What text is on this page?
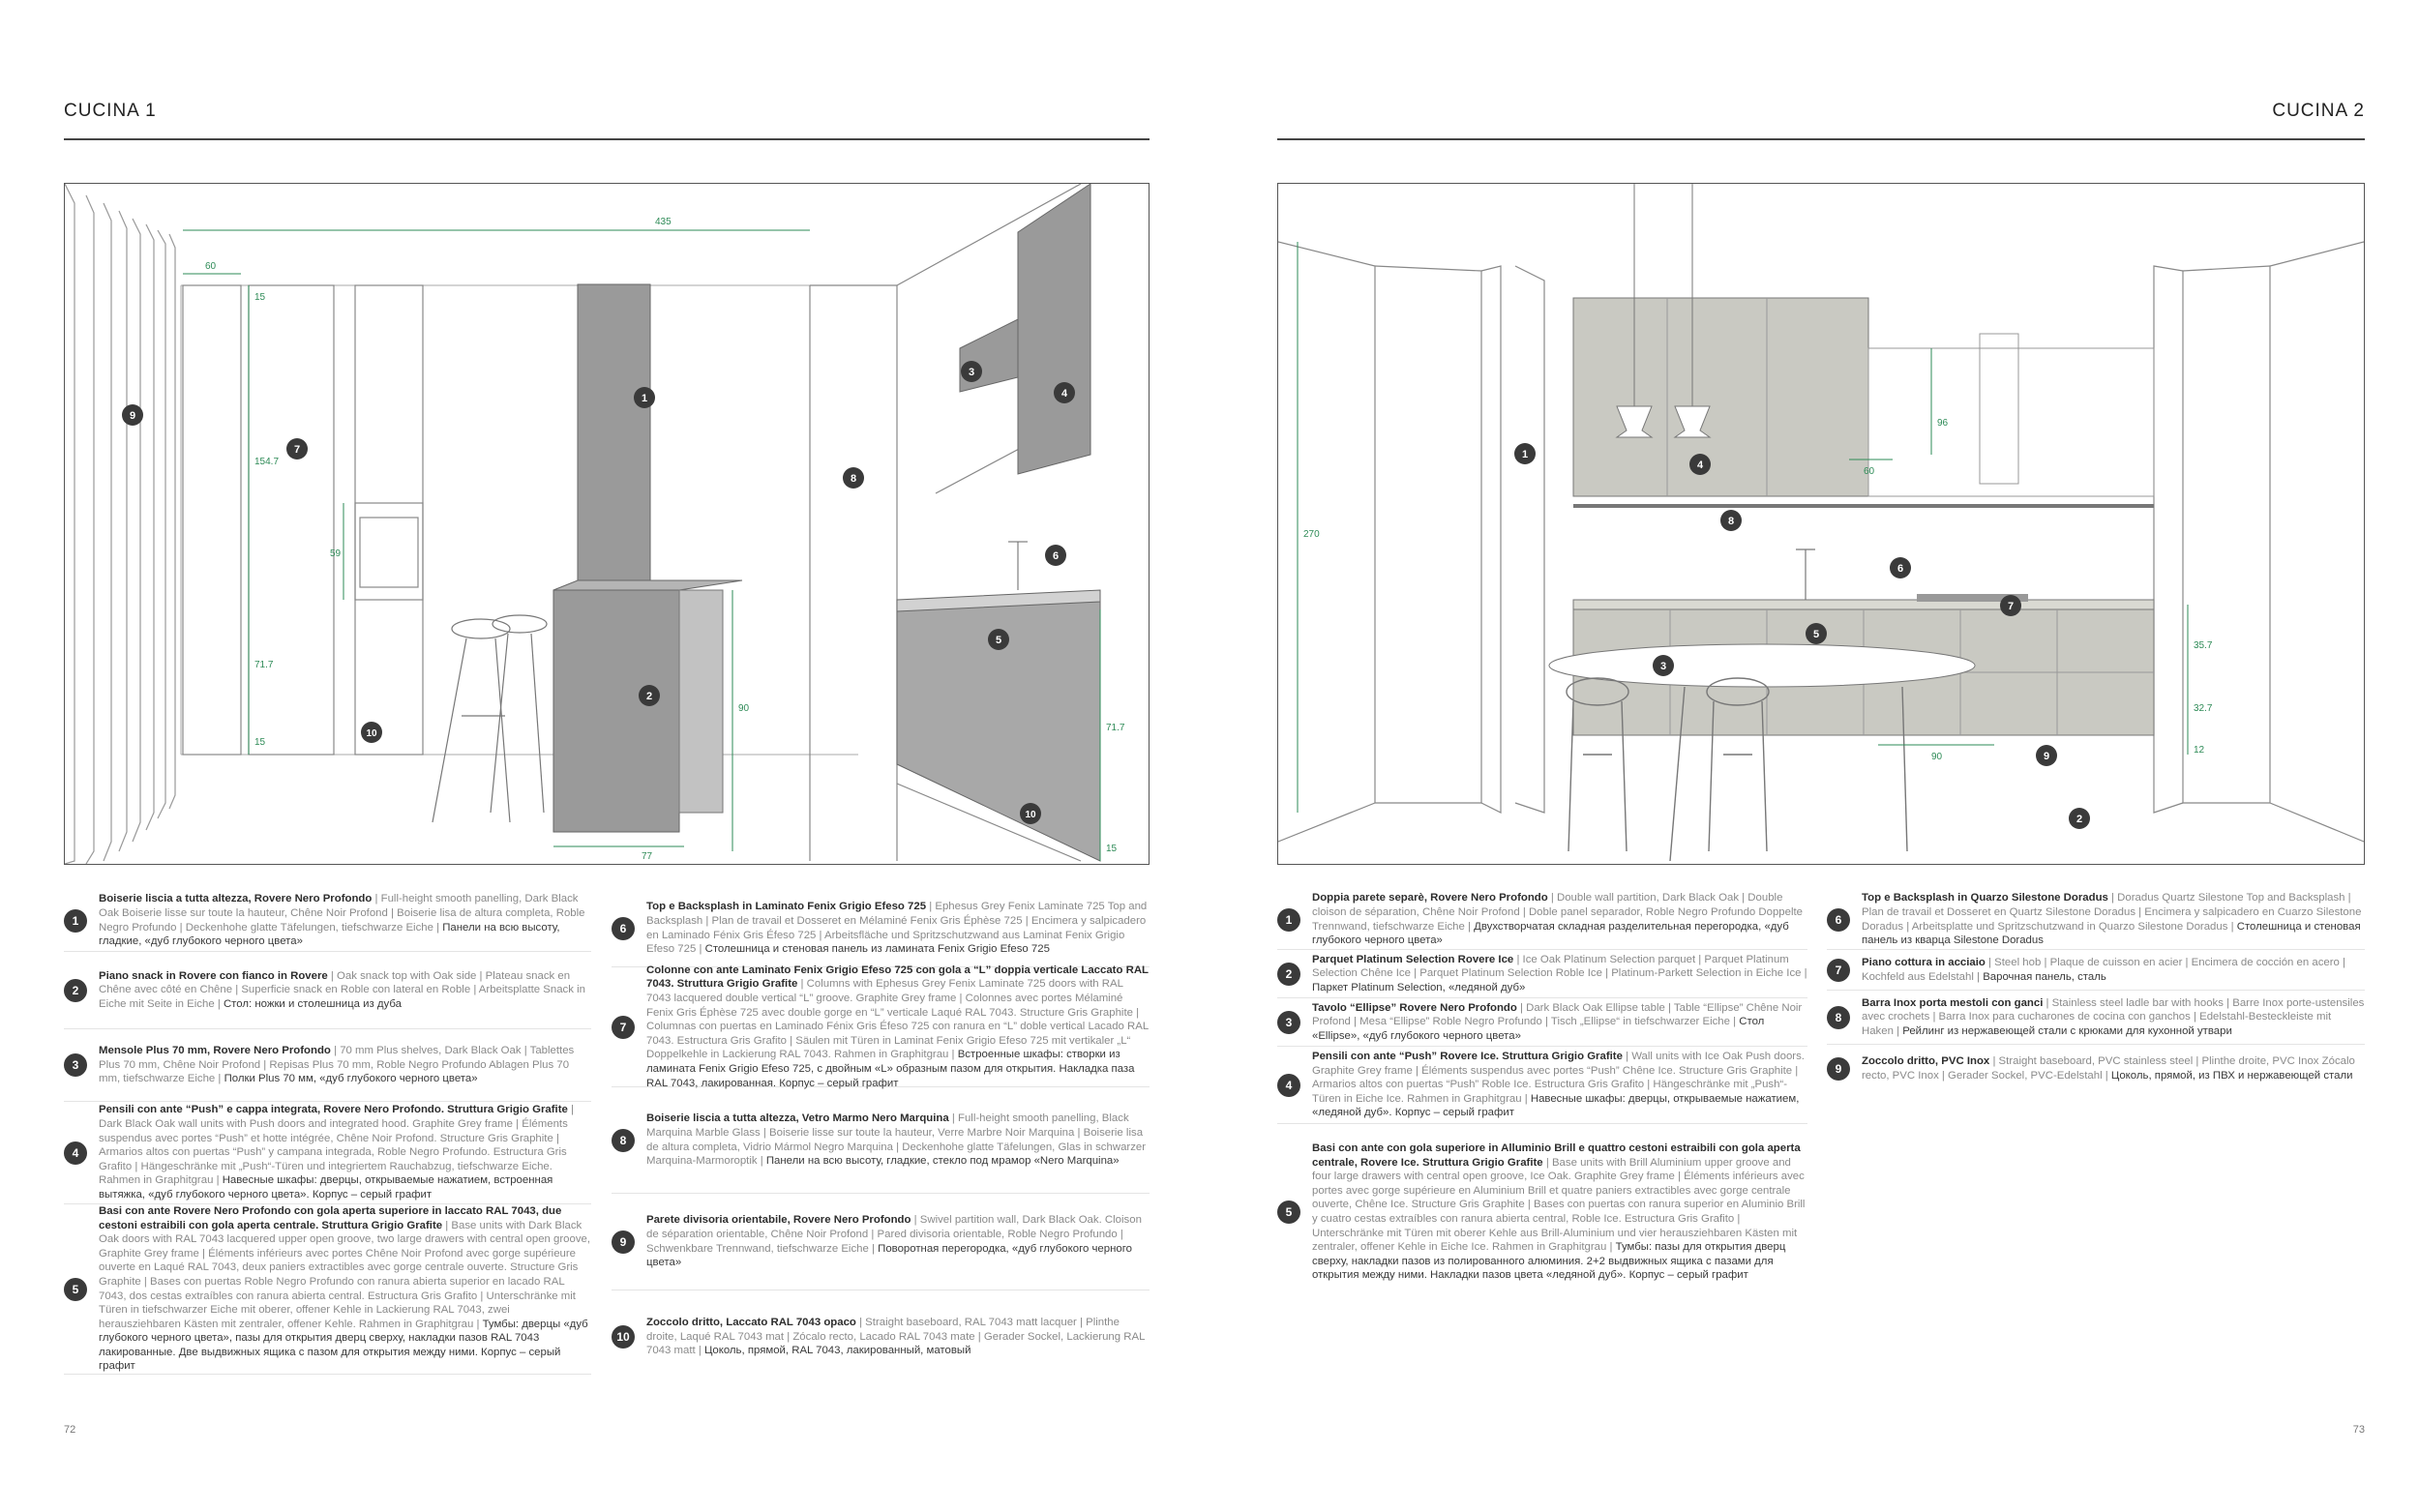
CUCINA 1
435
60
15
154.7
59
71.7
15
90
77
71.7
15
1
2
3
4
5
6
7
8
9
10
10
1
Boiserie liscia a tutta altezza, Rovere Nero Profondo | Full-height smooth panelling, Dark Black Oak Boiserie lisse sur toute la hauteur, Chêne Noir Profond | Boiserie lisa de altura completa, Roble Negro Profundo | Deckenhohe glatte Täfelungen, tiefschwarze Eiche | Панели на всю высоту, гладкие, «дуб глубокого черного цвета»
2
Piano snack in Rovere con fianco in Rovere | Oak snack top with Oak side | Plateau snack en Chêne avec côté en Chêne | Superficie snack en Roble con lateral en Roble | Arbeitsplatte Snack in Eiche mit Seite in Eiche | Стол: ножки и столешница из дуба
3
Mensole Plus 70 mm, Rovere Nero Profondo | 70 mm Plus shelves, Dark Black Oak | Tablettes Plus 70 mm, Chêne Noir Profond | Repisas Plus 70 mm, Roble Negro Profundo Ablagen Plus 70 mm, tiefschwarze Eiche | Полки Plus 70 мм, «дуб глубокого черного цвета»
4
Pensili con ante “Push” e cappa integrata, Rovere Nero Profondo. Struttura Grigio Grafite | Dark Black Oak wall units with Push doors and integrated hood. Graphite Grey frame | Éléments suspendus avec portes “Push” et hotte intégrée, Chêne Noir Profond. Structure Gris Graphite | Armarios altos con puertas “Push” y campana integrada, Roble Negro Profundo. Estructura Gris Grafito | Hängeschränke mit „Push“-Türen und integriertem Rauchabzug, tiefschwarze Eiche. Rahmen in Graphitgrau | Навесные шкафы: дверцы, открываемые нажатием, встроенная вытяжка, «дуб глубокого черного цвета». Корпус – серый графит
5
Basi con ante Rovere Nero Profondo con gola aperta superiore in laccato RAL 7043, due cestoni estraibili con gola aperta centrale. Struttura Grigio Grafite | Base units with Dark Black Oak doors with RAL 7043 lacquered upper open groove, two large drawers with central open groove, Graphite Grey frame | Éléments inférieurs avec portes Chêne Noir Profond avec gorge supérieure ouverte en Laqué RAL 7043, deux paniers extractibles avec gorge centrale ouverte. Structure Gris Graphite | Bases con puertas Roble Negro Profundo con ranura abierta superior en lacado RAL 7043, dos cestas extraíbles con ranura abierta central. Estructura Gris Grafito | Unterschränke mit Türen in tiefschwarzer Eiche mit oberer, offener Kehle in Lackierung RAL 7043, zwei herausziehbaren Kästen mit zentraler, offener Kehle. Rahmen in Graphitgrau | Тумбы: дверцы «дуб глубокого черного цвета», пазы для открытия дверц сверху, накладки пазов RAL 7043 лакированные. Две выдвижных ящика с пазом для открытия между ними. Корпус – серый графит
6
Top e Backsplash in Laminato Fenix Grigio Efeso 725 | Ephesus Grey Fenix Laminate 725 Top and Backsplash | Plan de travail et Dosseret en Mélaminé Fenix Gris Éphèse 725 | Encimera y salpicadero en Laminado Fénix Gris Éfeso 725 | Arbeitsfläche und Spritzschutzwand aus Laminat Fenix Grigio Efeso 725 | Столешница и стеновая панель из ламината Fenix Grigio Efeso 725
7
Colonne con ante Laminato Fenix Grigio Efeso 725 con gola a “L” doppia verticale Laccato RAL 7043. Struttura Grigio Grafite | Columns with Ephesus Grey Fenix Laminate 725 doors with RAL 7043 lacquered double vertical “L” groove. Graphite Grey frame | Colonnes avec portes Mélaminé Fenix Gris Éphèse 725 avec double gorge en “L” verticale Laqué RAL 7043. Structure Gris Graphite | Columnas con puertas en Laminado Fénix Gris Éfeso 725 con ranura en “L” doble vertical Lacado RAL 7043. Estructura Gris Grafito | Säulen mit Türen in Laminat Fenix Grigio Efeso 725 mit vertikaler „L“ Doppelkehle in Lackierung RAL 7043. Rahmen in Graphitgrau | Встроенные шкафы: створки из ламината Fenix Grigio Efeso 725, с двойным «L» образным пазом для открытия. Накладка паза RAL 7043, лакированная. Корпус – серый графит
8
Boiserie liscia a tutta altezza, Vetro Marmo Nero Marquina | Full-height smooth panelling, Black Marquina Marble Glass | Boiserie lisse sur toute la hauteur, Verre Marbre Noir Marquina | Boiserie lisa de altura completa, Vidrio Mármol Negro Marquina | Deckenhohe glatte Täfelungen, Glas in schwarzer Marquina-Marmoroptik | Панели на всю высоту, гладкие, стекло под мрамор «Nero Marquina»
9
Parete divisoria orientabile, Rovere Nero Profondo | Swivel partition wall, Dark Black Oak. Cloison de séparation orientable, Chêne Noir Profond | Pared divisoria orientable, Roble Negro Profundo | Schwenkbare Trennwand, tiefschwarze Eiche | Поворотная перегородка, «дуб глубокого черного цвета»
10
Zoccolo dritto, Laccato RAL 7043 opaco | Straight baseboard, RAL 7043 matt lacquer | Plinthe droite, Laqué RAL 7043 mat | Zócalo recto, Lacado RAL 7043 mate | Gerader Sockel, Lackierung RAL 7043 matt | Цоколь, прямой, RAL 7043, лакированный, матовый
72
CUCINA 2
270
96
60
35.7
32.7
90
12
1
2
3
4
5
6
7
8
9
1
Doppia parete separè, Rovere Nero Profondo | Double wall partition, Dark Black Oak | Double cloison de séparation, Chêne Noir Profond | Doble panel separador, Roble Negro Profundo Doppelte Trennwand, tiefschwarze Eiche | Двухстворчатая складная разделительная перегородка, «дуб глубокого черного цвета»
2
Parquet Platinum Selection Rovere Ice | Ice Oak Platinum Selection parquet | Parquet Platinum Selection Chêne Ice | Parquet Platinum Selection Roble Ice | Platinum-Parkett Selection in Eiche Ice | Паркет Platinum Selection, «ледяной дуб»
3
Tavolo “Ellipse” Rovere Nero Profondo | Dark Black Oak Ellipse table | Table “Ellipse” Chêne Noir Profond | Mesa “Ellipse” Roble Negro Profundo | Tisch „Ellipse“ in tiefschwarzer Eiche | Стол «Ellipse», «дуб глубокого черного цвета»
4
Pensili con ante “Push” Rovere Ice. Struttura Grigio Grafite | Wall units with Ice Oak Push doors. Graphite Grey frame | Éléments suspendus avec portes “Push” Chêne Ice. Structure Gris Graphite | Armarios altos con puertas “Push” Roble Ice. Estructura Gris Grafito | Hängeschränke mit „Push“-Türen in Eiche Ice. Rahmen in Graphitgrau | Навесные шкафы: дверцы, открываемые нажатием, «ледяной дуб». Корпус – серый графит
5
Basi con ante con gola superiore in Alluminio Brill e quattro cestoni estraibili con gola aperta centrale, Rovere Ice. Struttura Grigio Grafite | Base units with Brill Aluminium upper groove and four large drawers with central open groove, Ice Oak. Graphite Grey frame | Éléments inférieurs avec portes avec gorge supérieure en Aluminium Brill et quatre paniers extractibles avec gorge centrale ouverte, Chêne Ice. Structure Gris Graphite | Bases con puertas con ranura superior en Aluminio Brill y cuatro cestas extraíbles con ranura abierta central, Roble Ice. Estructura Gris Grafito | Unterschränke mit Türen mit oberer Kehle aus Brill-Aluminium und vier herausziehbaren Kästen mit zentraler, offener Kehle in Eiche Ice. Rahmen in Graphitgrau | Тумбы: пазы для открытия дверц сверху, накладки пазов из полированного алюминия. 2+2 выдвижных ящика с пазами для открытия между ними. Накладки пазов цвета «ледяной дуб». Корпус – серый графит
6
Top e Backsplash in Quarzo Silestone Doradus | Doradus Quartz Silestone Top and Backsplash | Plan de travail et Dosseret en Quartz Silestone Doradus | Encimera y salpicadero en Cuarzo Silestone Doradus | Arbeitsplatte und Spritzschutzwand in Quarzo Silestone Doradus | Столешница и стеновая панель из кварца Silestone Doradus
7
Piano cottura in acciaio | Steel hob | Plaque de cuisson en acier | Encimera de cocción en acero | Kochfeld aus Edelstahl | Варочная панель, сталь
8
Barra Inox porta mestoli con ganci | Stainless steel ladle bar with hooks | Barre Inox porte-ustensiles avec crochets | Barra Inox para cucharones de cocina con ganchos | Edelstahl-Besteckleiste mit Haken | Рейлинг из нержавеющей стали с крюками для кухонной утвари
9
Zoccolo dritto, PVC Inox | Straight baseboard, PVC stainless steel | Plinthe droite, PVC Inox Zócalo recto, PVC Inox | Gerader Sockel, PVC-Edelstahl | Цоколь, прямой, из ПВХ и нержавеющей стали
73
